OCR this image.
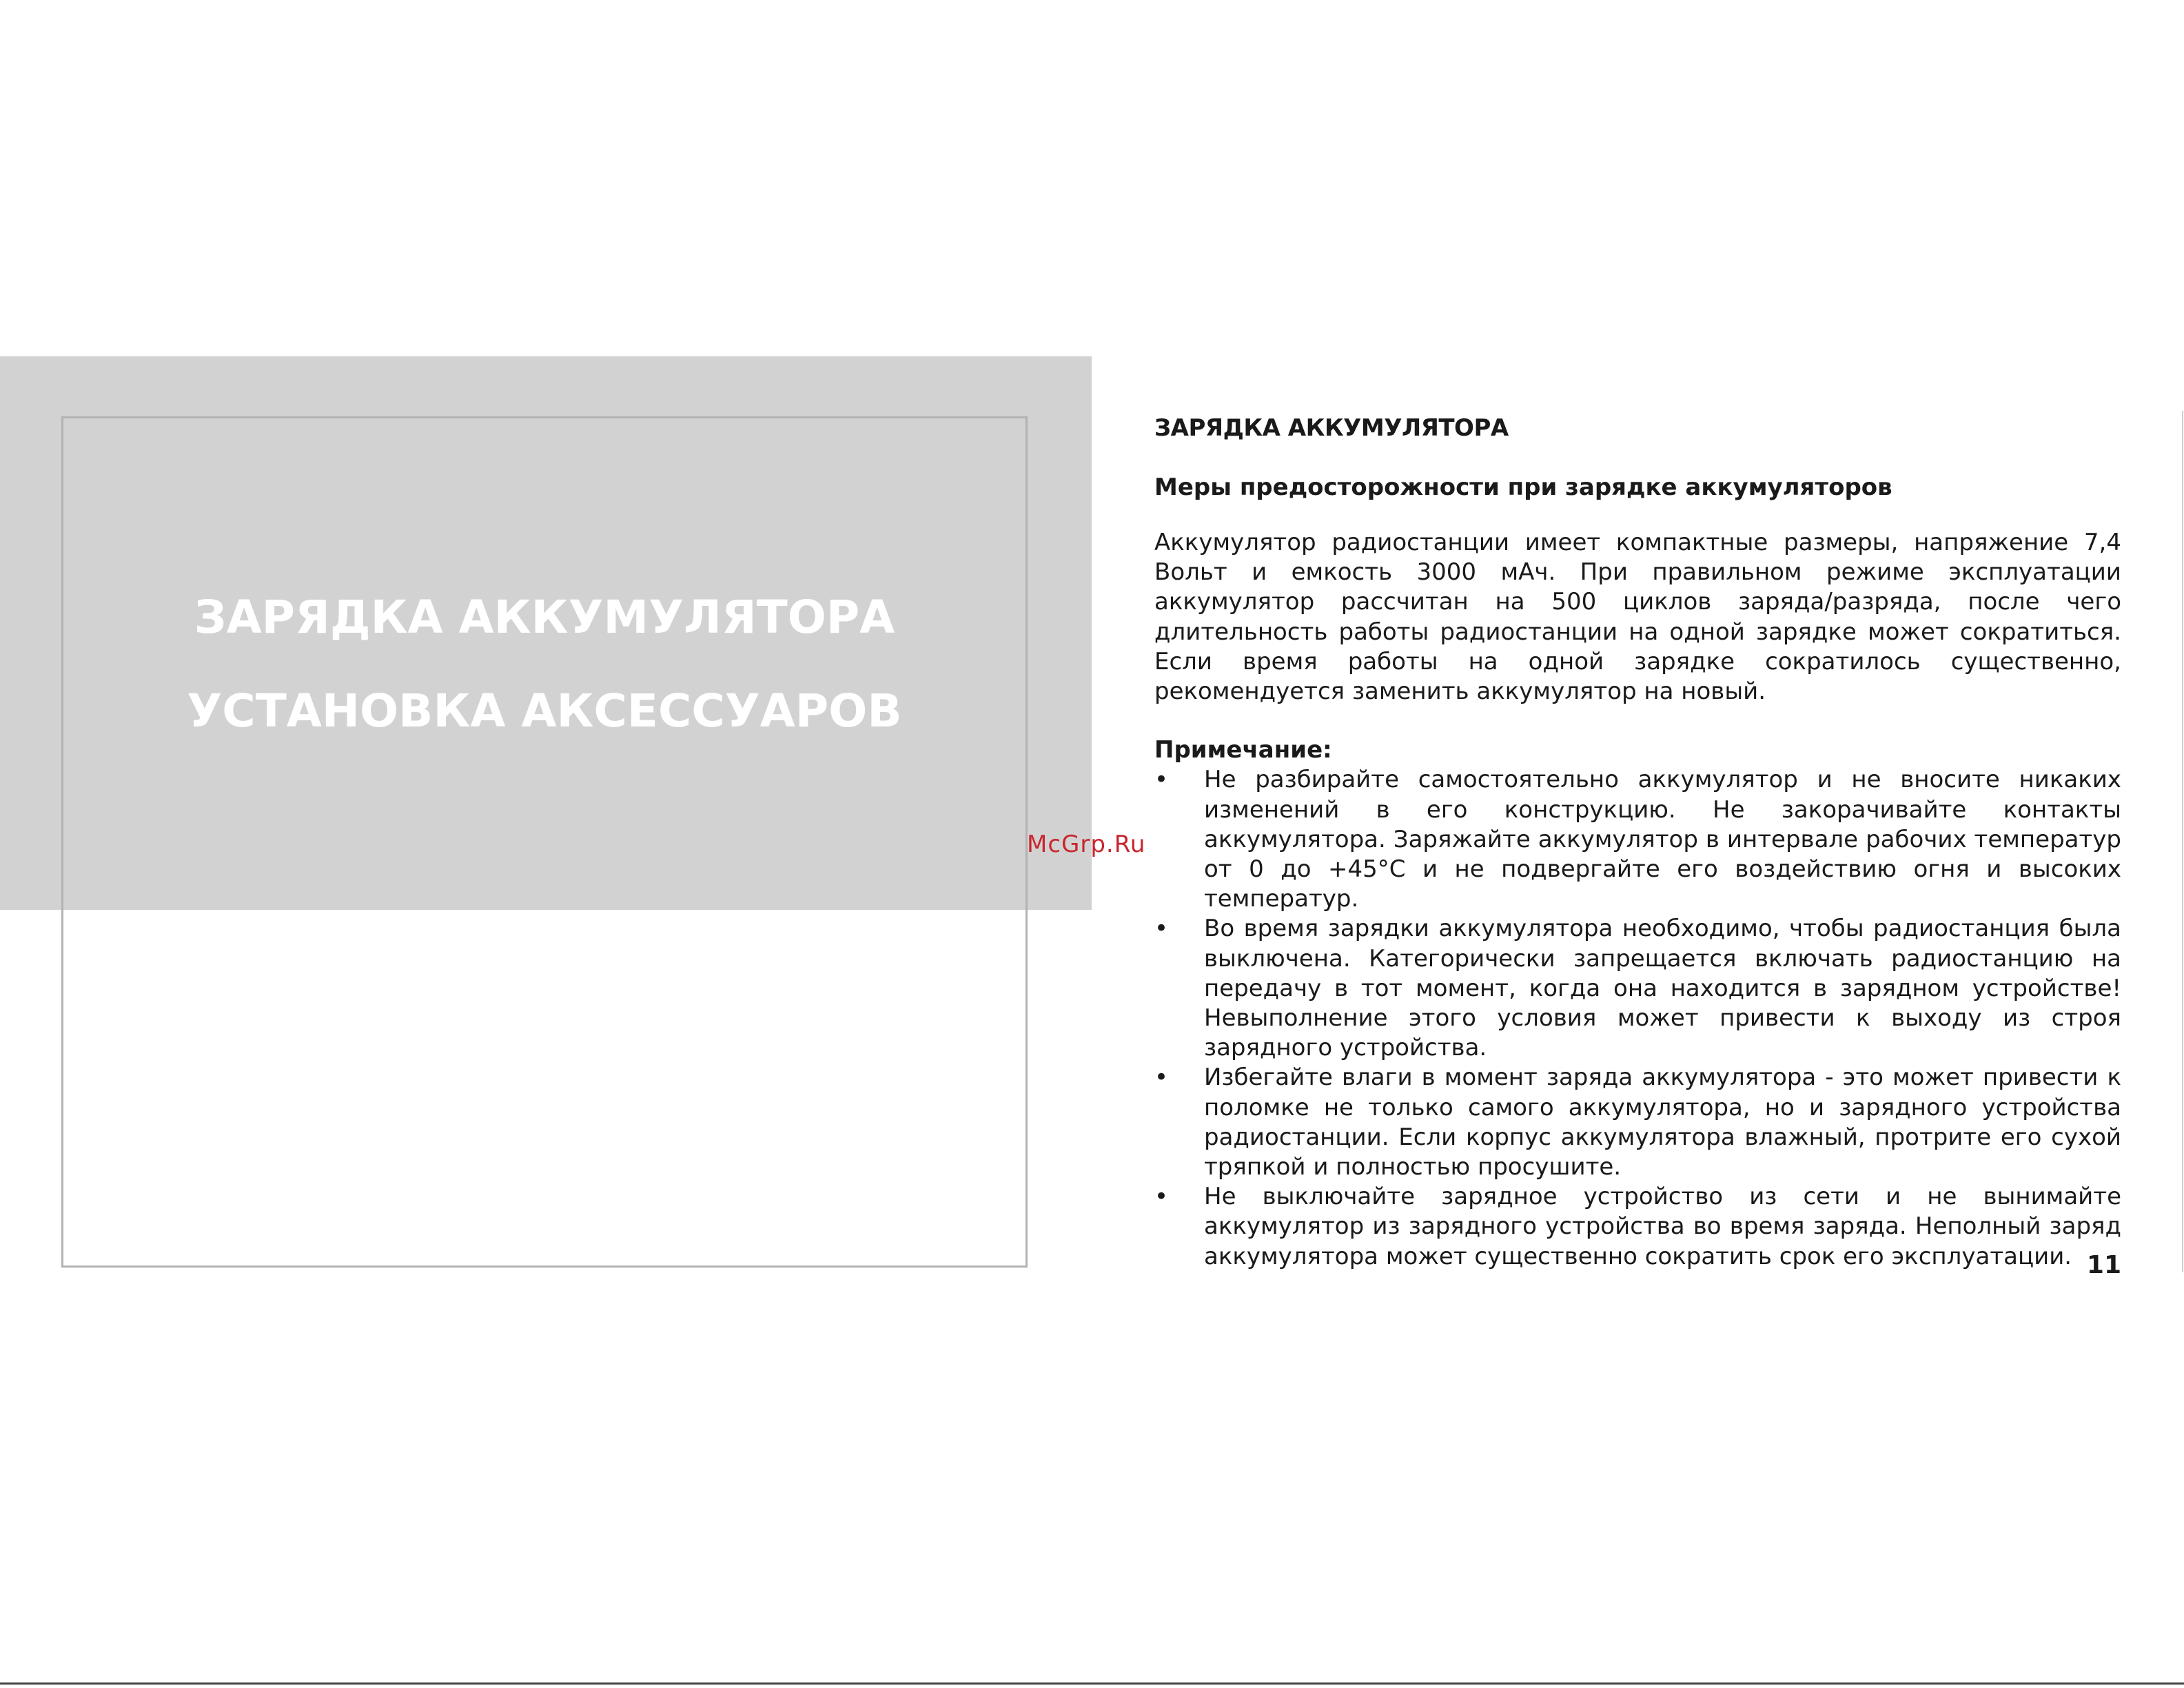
ЗАРЯДКА АККУМУЛЯТОРА
УСТАНОВКА АКСЕССУАРОВ
McGrp.Ru
ЗАРЯДКА АККУМУЛЯТОРА
Меры предосторожности при зарядке аккумуляторов

Аккумулятор радиостанции имеет компактные размеры, напряжение 7,4 Вольт и емкость 3000 мАч. При правильном режиме эксплуатации аккумулятор рассчитан на 500 циклов заряда/разряда, после чего длительность работы радиостанции на одной зарядке может сократиться. Если время работы на одной зарядке сократилось существенно, рекомендуется заменить аккумулятор на новый.

Примечание:
• Не разбирайте самостоятельно аккумулятор и не вносите никаких изменений в его конструкцию. Не закорачивайте контакты аккумулятора. Заряжайте аккумулятор в интервале рабочих температур от 0 до +45°С и не подвергайте его воздействию огня и высоких температур.
• Во время зарядки аккумулятора необходимо, чтобы радиостанция была выключена. Категорически запрещается включать радиостанцию на передачу в тот момент, когда она находится в зарядном устройстве! Невыполнение этого условия может привести к выходу из строя зарядного устройства.
• Избегайте влаги в момент заряда аккумулятора - это может привести к поломке не только самого аккумулятора, но и зарядного устройства радиостанции. Если корпус аккумулятора влажный, протрите его сухой тряпкой и полностью просушите.
• Не выключайте зарядное устройство из сети и не вынимайте аккумулятор из зарядного устройства во время заряда. Неполный заряд аккумулятора может существенно сократить срок его эксплуатации. 11
